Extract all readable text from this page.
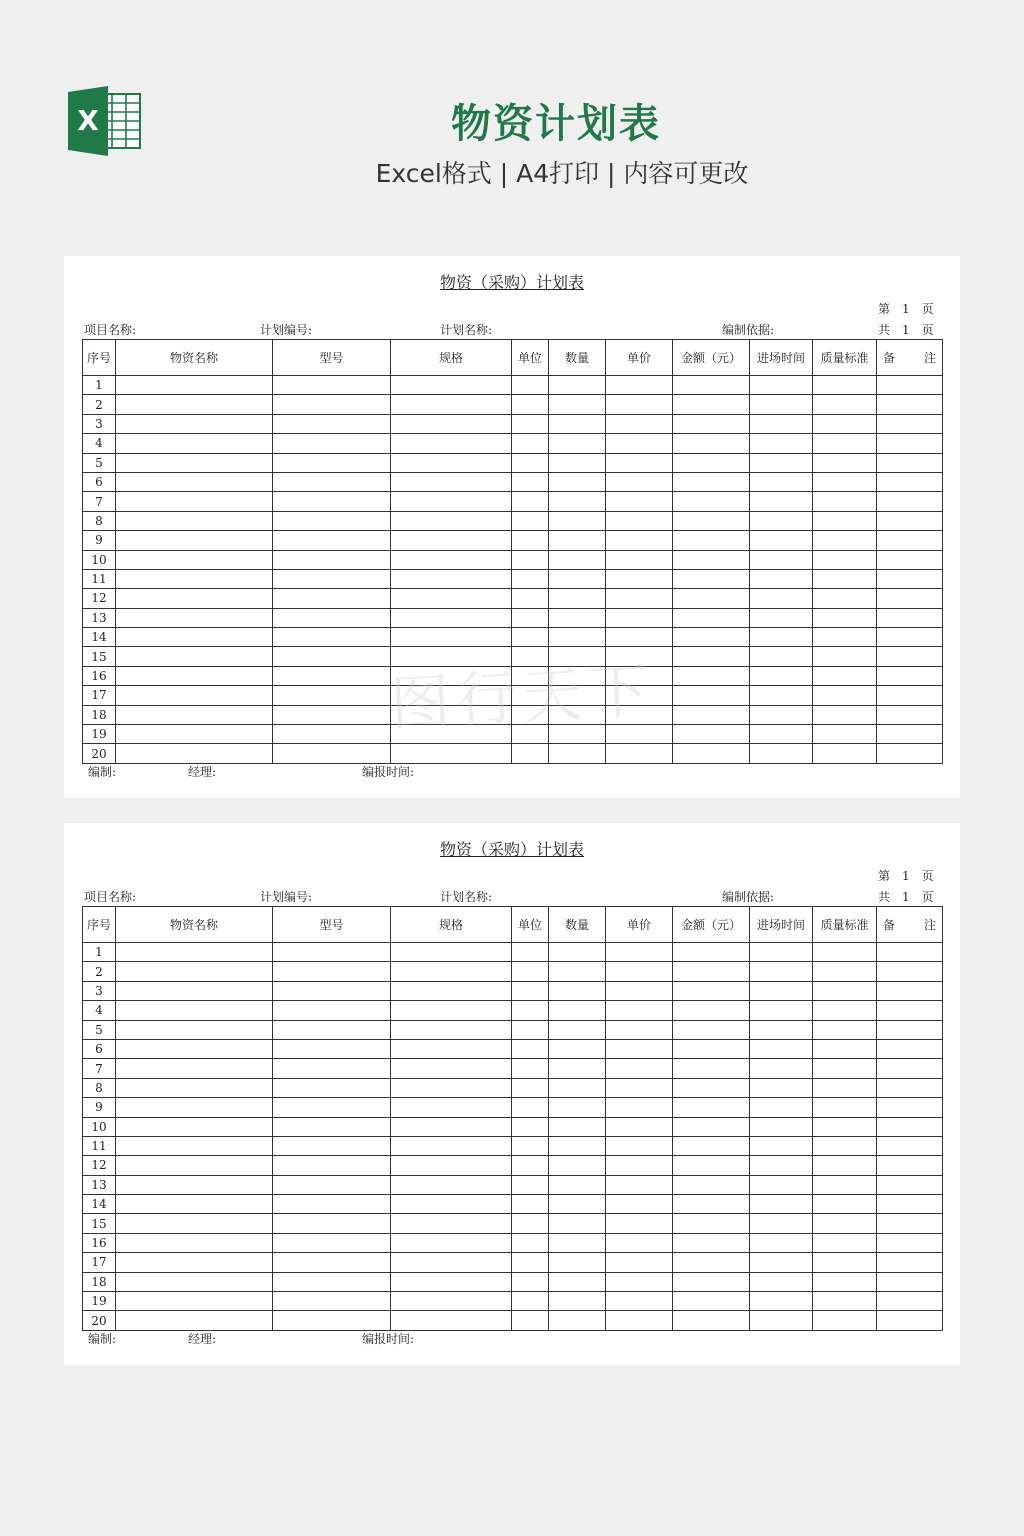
X	物资计划表
Excel格式 | A4打印 | 内容可更改
物资（采购）计划表
第　1　页
共　1　页
项目名称:	计划编号:	计划名称:	编制依据:
序号	物资名称	型号	规格	单位	数量	单价	金额（元）	进场时间	质量标准	备 注

1										
2										
3										
4										
5										
6										
7										
8										
9										
10										
11										
12										
13										
14										
15										
16										
17										
18										
19										
20										
编制:	经理:	编报时间:
物资（采购）计划表
第　1　页
共　1　页
项目名称:	计划编号:	计划名称:	编制依据:
序号	物资名称	型号	规格	单位	数量	单价	金额（元）	进场时间	质量标准	备 注

1										
2										
3										
4										
5										
6										
7										
8										
9										
10										
11										
12										
13										
14										
15										
16										
17										
18										
19										
20										
编制:	经理:	编报时间:
图行天下
